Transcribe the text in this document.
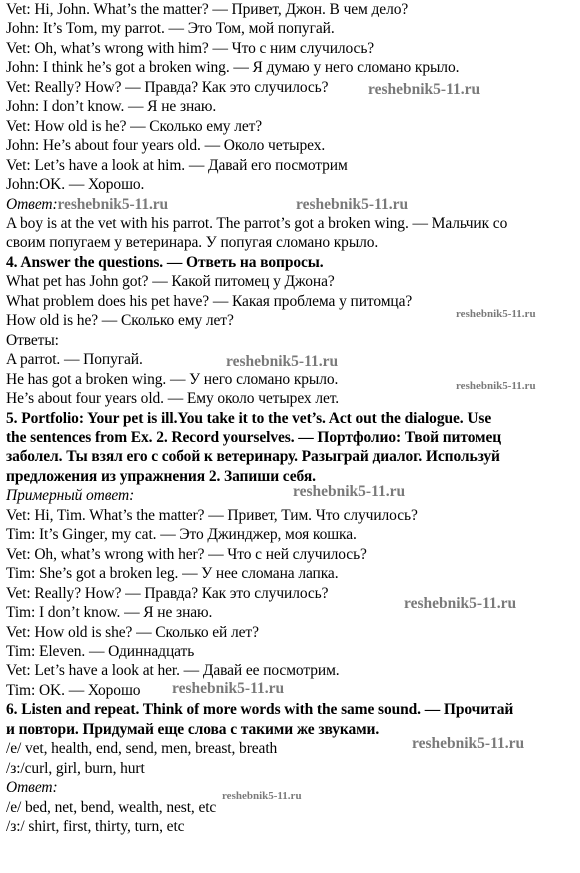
Vet: Hi, John. What’s the matter? — Привет, Джон. В чем дело?
John: It’s Tom, my parrot. — Это Том, мой попугай.
Vet: Oh, what’s wrong with him? — Что с ним случилось?
John: I think he’s got a broken wing. — Я думаю у него сломано крыло.
Vet: Really? How? — Правда? Как это случилось?
John: I don’t know. — Я не знаю.
Vet: How old is he? — Сколько ему лет?
John: He’s about four years old. — Около четырех.
Vet: Let’s have a look at him. — Давай его посмотрим
John:OK. — Хорошо.
Ответ:reshebnik5-11.ru
A boy is at the vet with his parrot. The parrot’s got a broken wing. — Мальчик со
своим попугаем у ветеринара. У попугая сломано крыло.
4. Answer the questions. — Ответь на вопросы.
What pet has John got? — Какой питомец у Джона?
What problem does his pet have? — Какая проблема у питомца?
How old is he? — Сколько ему лет?
Ответы:
A parrot. — Попугай.
He has got a broken wing. — У него сломано крыло.
He’s about four years old. — Ему около четырех лет.
5. Portfolio: Your pet is ill.You take it to the vet’s. Act out the dialogue. Use
the sentences from Ex. 2. Record yourselves. — Портфолио: Твой питомец
заболел. Ты взял его с собой к ветеринару. Разыграй диалог. Используй
предложения из упражнения 2. Запиши себя.
Примерный ответ:
Vet: Hi, Tim. What’s the matter? — Привет, Тим. Что случилось?
Tim: It’s Ginger, my cat. — Это Джинджер, моя кошка.
Vet: Oh, what’s wrong with her? — Что с ней случилось?
Tim: She’s got a broken leg. — У нее сломана лапка.
Vet: Really? How? — Правда? Как это случилось?
Tim: I don’t know. — Я не знаю.
Vet: How old is she? — Сколько ей лет?
Tim: Eleven. — Одиннадцать
Vet: Let’s have a look at her. — Давай ее посмотрим.
Tim: OK. — Хорошо
6. Listen and repeat. Think of more words with the same sound. — Прочитай
и повтори. Придумай еще слова с такими же звуками.
/e/ vet, health, end, send, men, breast, breath
/з:/curl, girl, burn, hurt
Ответ:
/e/ bed, net, bend, wealth, nest, etc
/з:/ shirt, first, thirty, turn, etc
reshebnik5-11.ru
reshebnik5-11.ru
reshebnik5-11.ru
reshebnik5-11.ru
reshebnik5-11.ru
reshebnik5-11.ru
reshebnik5-11.ru
reshebnik5-11.ru
reshebnik5-11.ru
reshebnik5-11.ru
